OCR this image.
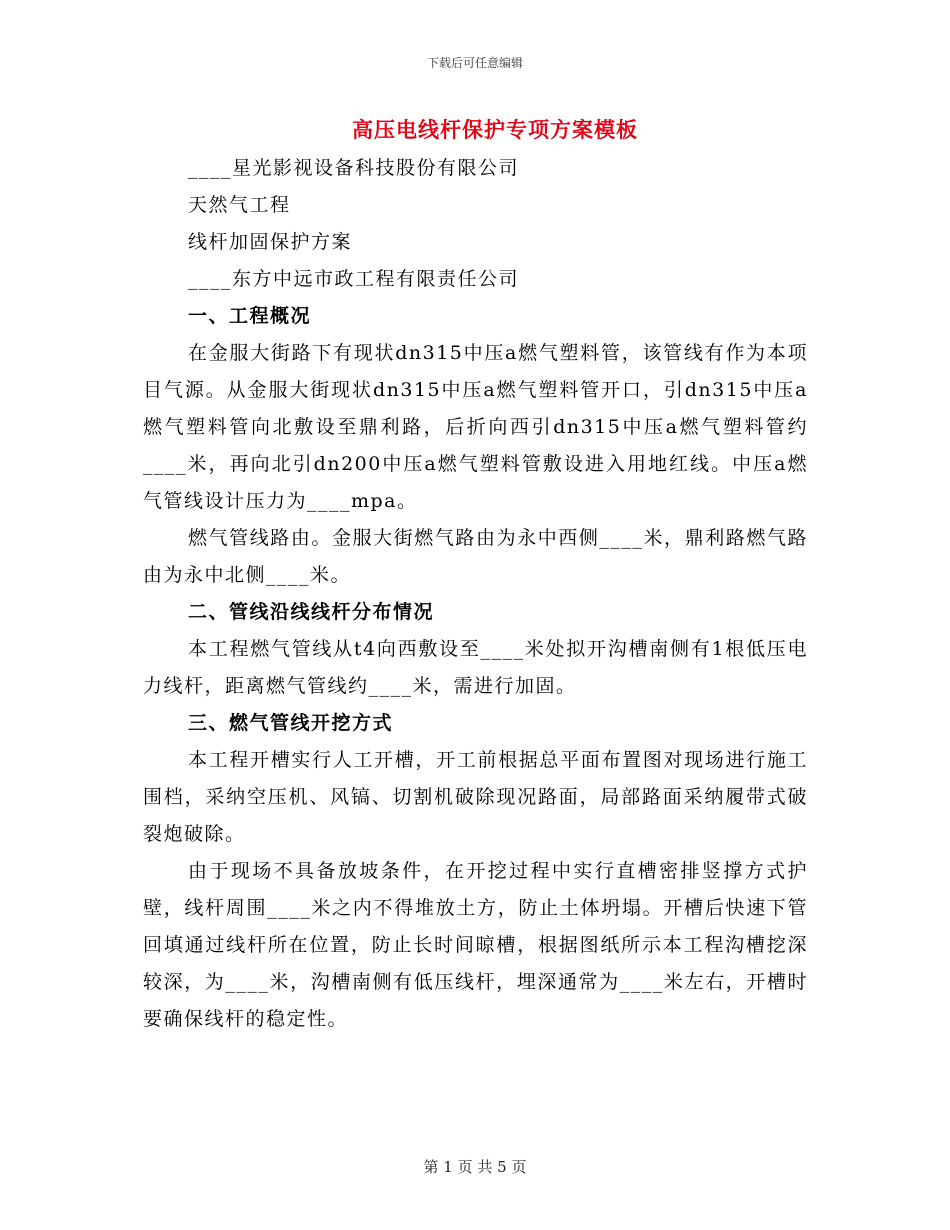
下载后可任意编辑
高压电线杆保护专项方案模板
____星光影视设备科技股份有限公司
天然气工程
线杆加固保护方案
____东方中远市政工程有限责任公司
一、工程概况
在金服大街路下有现状dn315中压a燃气塑料管，该管线有作为本项目气源。从金服大街现状dn315中压a燃气塑料管开口，引dn315中压a燃气塑料管向北敷设至鼎利路，后折向西引dn315中压a燃气塑料管约____米，再向北引dn200中压a燃气塑料管敷设进入用地红线。中压a燃气管线设计压力为____mpa。
燃气管线路由。金服大街燃气路由为永中西侧____米，鼎利路燃气路由为永中北侧____米。
二、管线沿线线杆分布情况
本工程燃气管线从t4向西敷设至____米处拟开沟槽南侧有1根低压电力线杆，距离燃气管线约____米，需进行加固。
三、燃气管线开挖方式
本工程开槽实行人工开槽，开工前根据总平面布置图对现场进行施工围档，采纳空压机、风镐、切割机破除现况路面，局部路面采纳履带式破裂炮破除。
由于现场不具备放坡条件，在开挖过程中实行直槽密排竖撑方式护壁，线杆周围____米之内不得堆放土方，防止土体坍塌。开槽后快速下管回填通过线杆所在位置，防止长时间晾槽，根据图纸所示本工程沟槽挖深较深，为____米，沟槽南侧有低压线杆，埋深通常为____米左右，开槽时要确保线杆的稳定性。
第 1 页 共 5 页
